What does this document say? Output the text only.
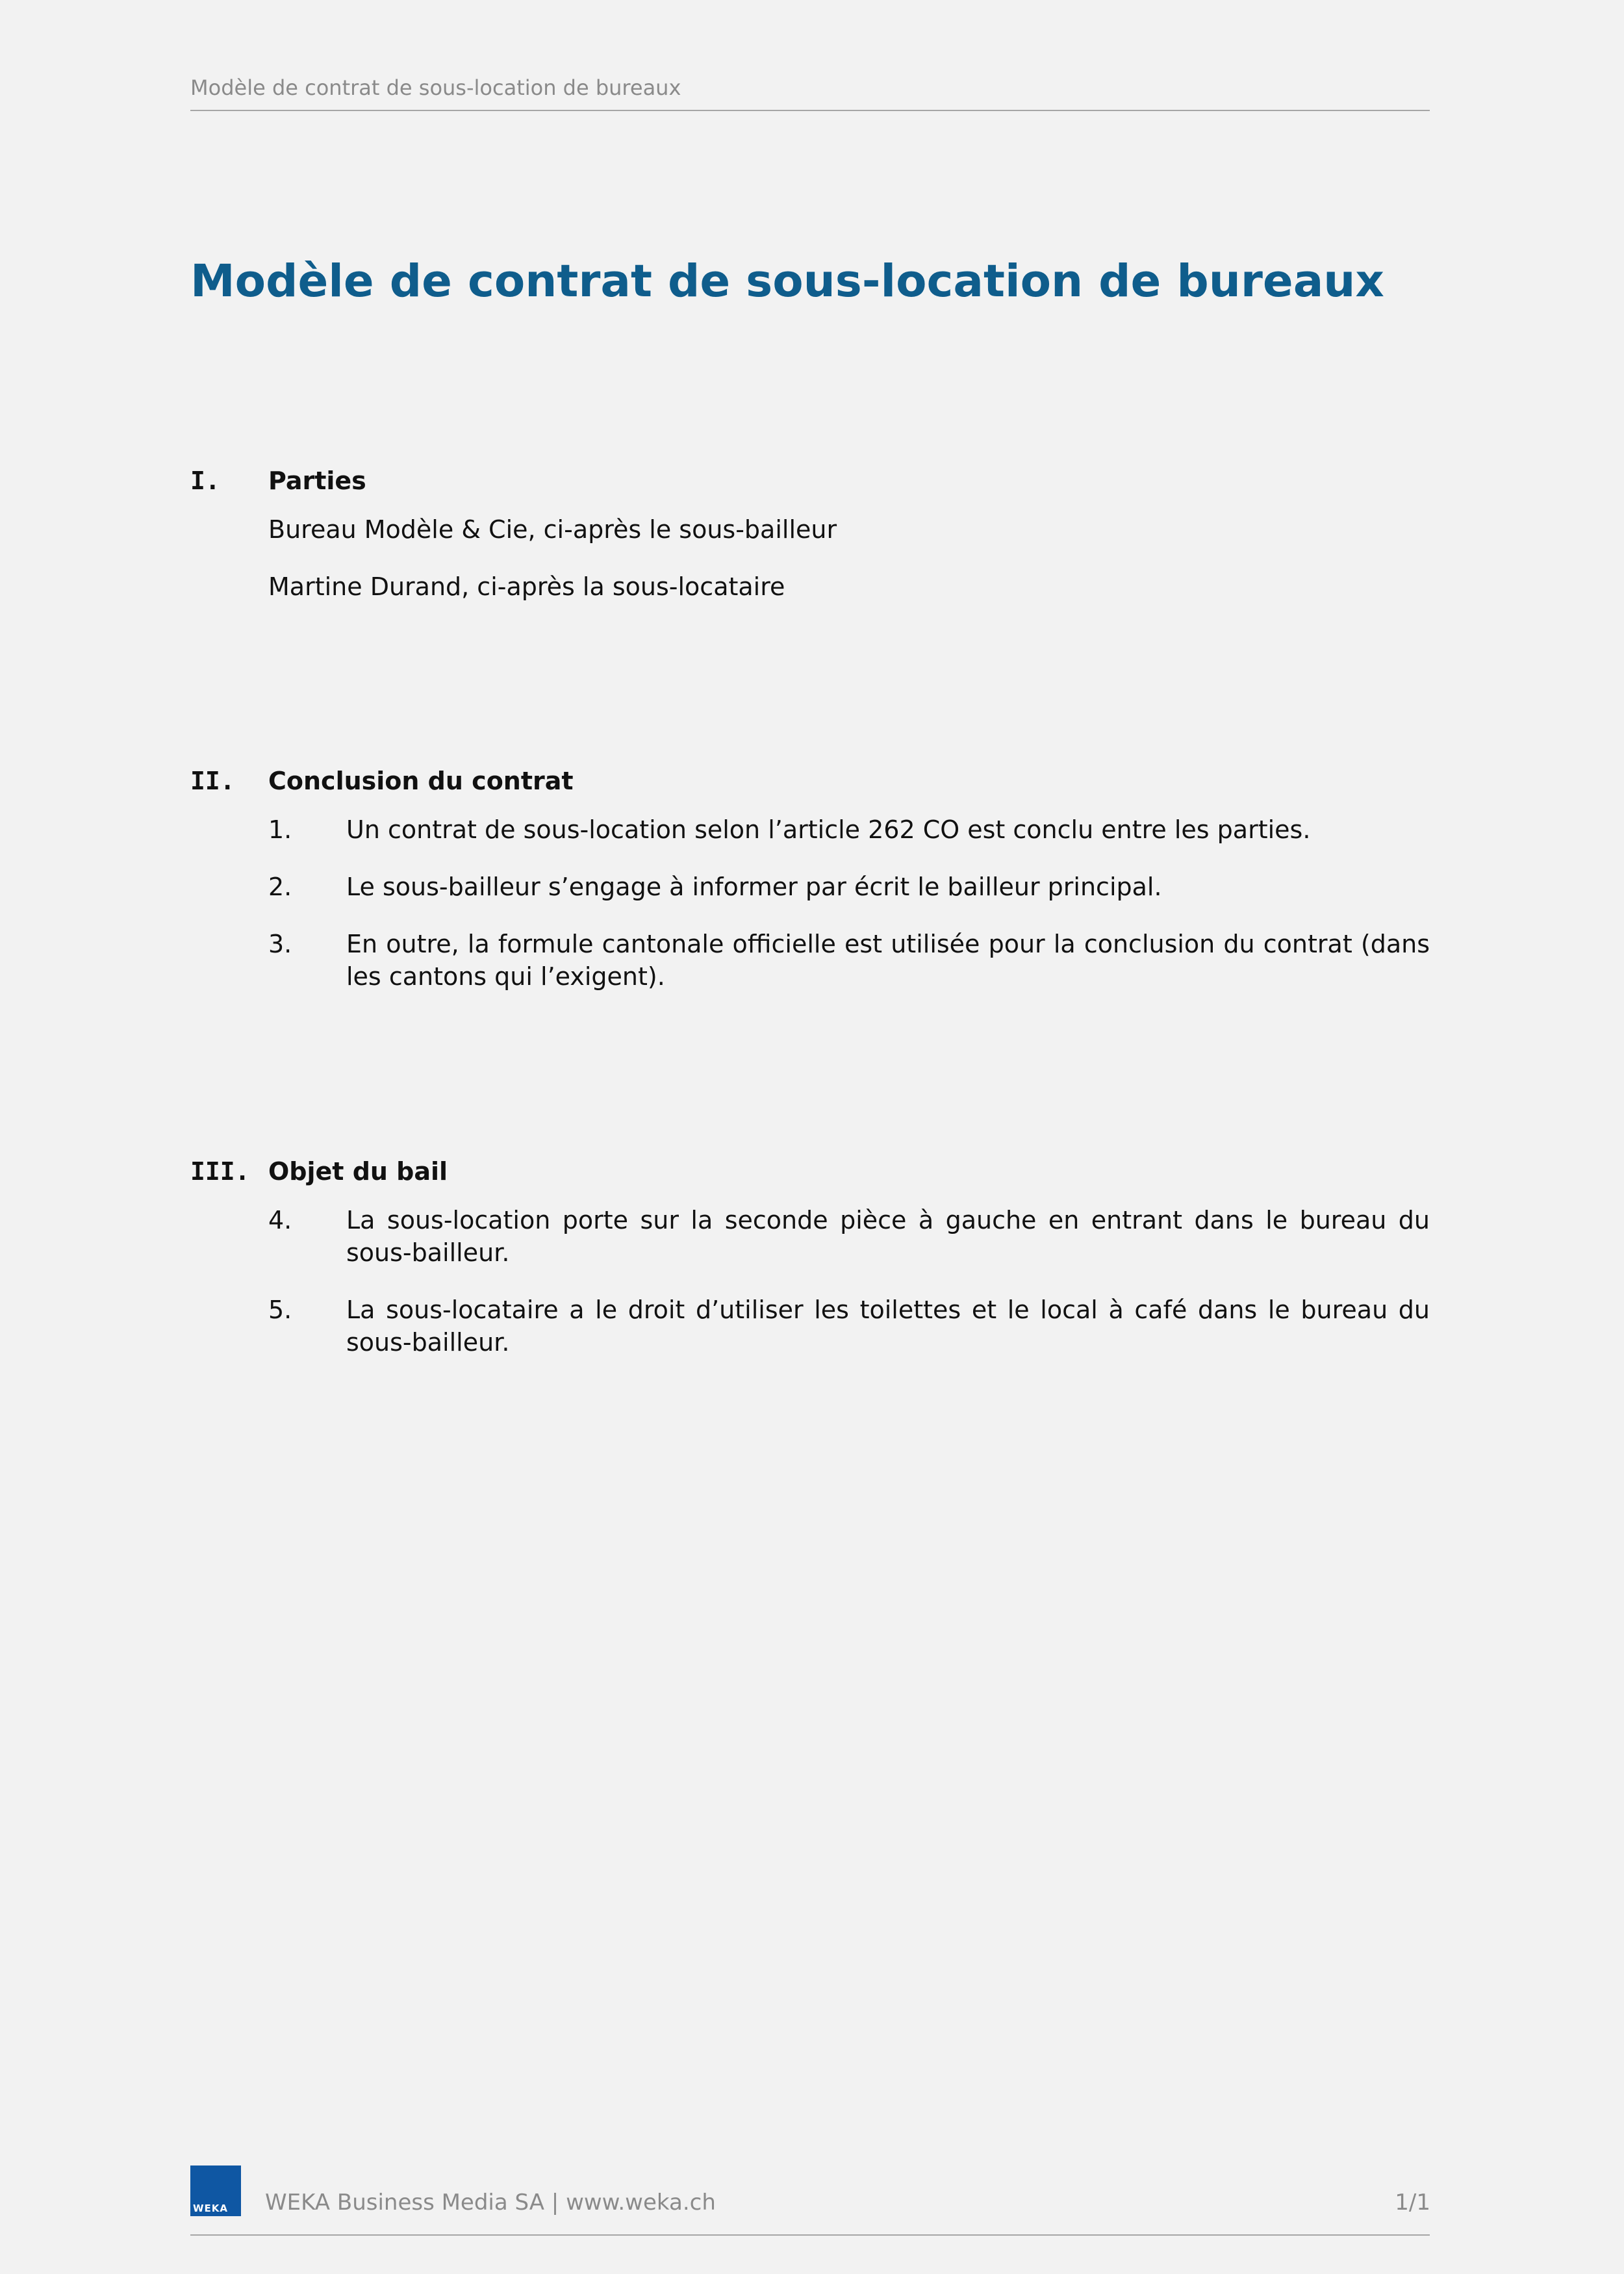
Modèle de contrat de sous-location de bureaux
Modèle de contrat de sous-location de bureaux
I. Parties
Bureau Modèle & Cie, ci-après le sous-bailleur
Martine Durand, ci-après la sous-locataire
II. Conclusion du contrat
1. Un contrat de sous-location selon l’article 262 CO est conclu entre les parties.
2. Le sous-bailleur s’engage à informer par écrit le bailleur principal.
3. En outre, la formule cantonale officielle est utilisée pour la conclusion du contrat (dans les cantons qui l’exigent).
III. Objet du bail
4. La sous-location porte sur la seconde pièce à gauche en entrant dans le bureau du sous-bailleur.
5. La sous-locataire a le droit d’utiliser les toilettes et le local à café dans le bureau du sous-bailleur.
WEKA WEKA Business Media SA | www.weka.ch	1/1
